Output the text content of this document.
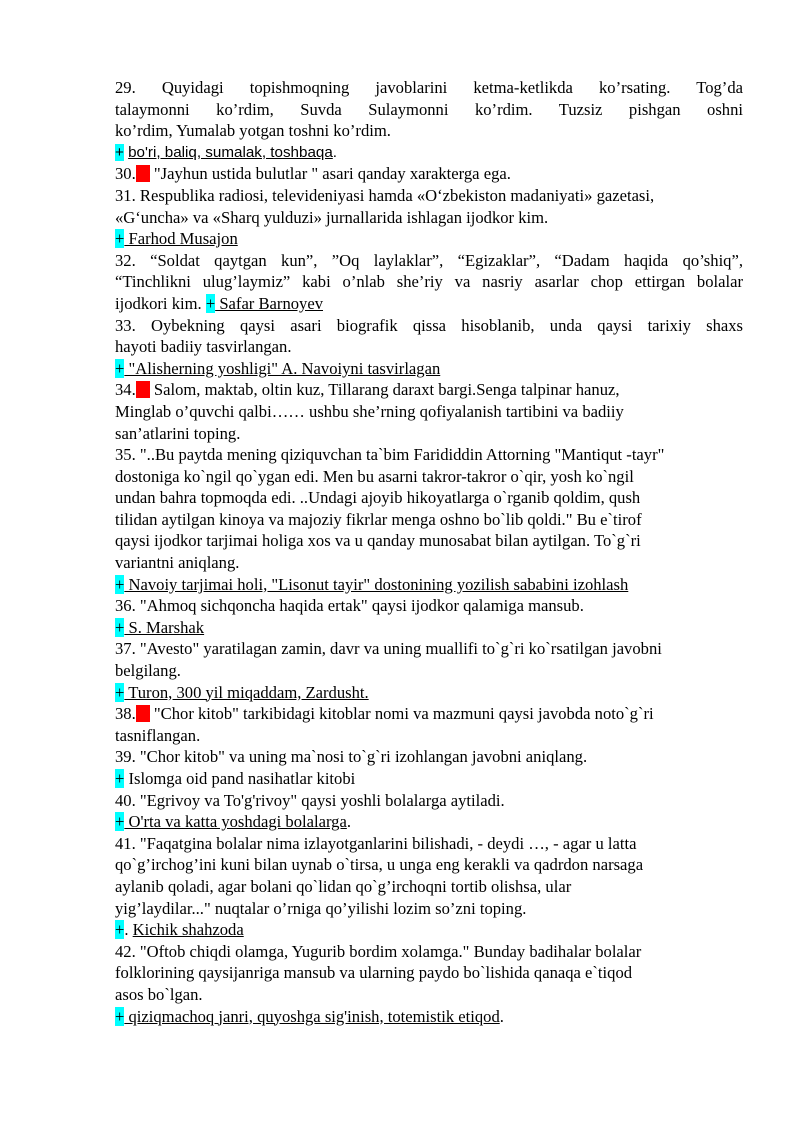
29. Quyidagi topishmoqning javoblarini ketma-ketlikda ko’rsating. Tog’da

talaymonni ko’rdim, Suvda Sulaymonni ko’rdim. Tuzsiz pishgan oshni

ko’rdim, Yumalab yotgan toshni ko’rdim.

+ bo'ri, baliq, sumalak, toshbaqa.

30. "Jayhun ustida bulutlar " asari qanday xarakterga ega.

31. Respublika radiosi, televideniyasi hamda «O‘zbekiston madaniyati» gazetasi,

«G‘uncha» va «Sharq yulduzi» jurnallarida ishlagan ijodkor kim.

+ Farhod Musajon

32. “Soldat qaytgan kun”, ”Oq laylaklar”, “Egizaklar”, “Dadam haqida qo’shiq”,

“Tinchlikni ulug’laymiz” kabi o’nlab she’riy va nasriy asarlar chop ettirgan bolalar

ijodkori kim. + Safar Barnoyev

33. Oybekning qaysi asari biografik qissa hisoblanib, unda qaysi tarixiy shaxs

hayoti badiiy tasvirlangan.

+ "Alisherning yoshligi" A. Navoiyni tasvirlagan

34. Salom, maktab, oltin kuz, Tillarang daraxt bargi.Senga talpinar hanuz,

Minglab o’quvchi qalbi…… ushbu she’rning qofiyalanish tartibini va badiiy

san’atlarini toping.

35. "..Bu paytda mening qiziquvchan ta`bim Farididdin Attorning "Mantiqut -tayr"

dostoniga ko`ngil qo`ygan edi. Men bu asarni takror-takror o`qir, yosh ko`ngil

undan bahra topmoqda edi. ..Undagi ajoyib hikoyatlarga o`rganib qoldim, qush

tilidan aytilgan kinoya va majoziy fikrlar menga oshno bo`lib qoldi." Bu e`tirof

qaysi ijodkor tarjimai holiga xos va u qanday munosabat bilan aytilgan. To`g`ri

variantni aniqlang.

+ Navoiy tarjimai holi, "Lisonut tayir" dostonining yozilish sababini izohlash

36. "Ahmoq sichqoncha haqida ertak" qaysi ijodkor qalamiga mansub.

+ S. Marshak

37. "Avesto" yaratilagan zamin, davr va uning muallifi to`g`ri ko`rsatilgan javobni

belgilang.

+ Turon, 300 yil miqaddam, Zardusht.

38. "Chor kitob" tarkibidagi kitoblar nomi va mazmuni qaysi javobda noto`g`ri

tasniflangan.

39. "Chor kitob" va uning ma`nosi to`g`ri izohlangan javobni aniqlang.

+ Islomga oid pand nasihatlar kitobi

40. "Egrivoy va To'g'rivoy" qaysi yoshli bolalarga aytiladi.

+ O'rta va katta yoshdagi bolalarga.

41. "Faqatgina bolalar nima izlayotganlarini bilishadi, - deydi …, - agar u latta

qo`g’irchog’ini kuni bilan uynab o`tirsa, u unga eng kerakli va qadrdon narsaga

aylanib qoladi, agar bolani qo`lidan qo`g’irchoqni tortib olishsa, ular

yig’laydilar..." nuqtalar o’rniga qo’yilishi lozim so’zni toping.

+. Kichik shahzoda

42. "Oftob chiqdi olamga, Yugurib bordim xolamga." Bunday badihalar bolalar

folklorining qaysijanriga mansub va ularning paydo bo`lishida qanaqa e`tiqod

asos bo`lgan.

+ qiziqmachoq janri, quyoshga sig'inish, totemistik etiqod.
